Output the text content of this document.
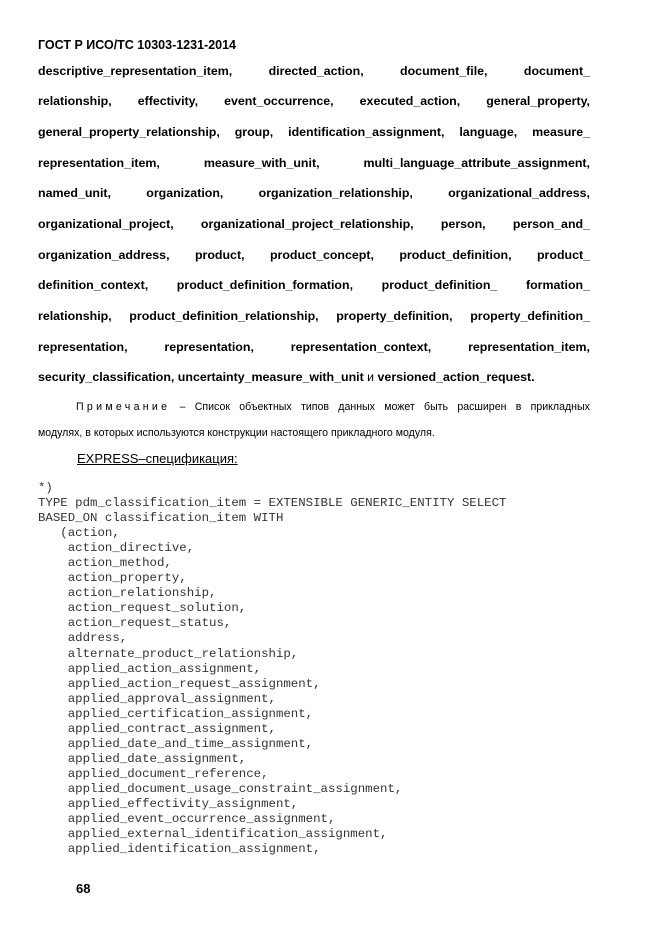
ГОСТ Р ИСО/ТС 10303-1231-2014
descriptive_representation_item,	directed_action,	document_file,	document_
relationship, effectivity, event_occurrence, executed_action, general_property,
general_property_relationship, group, identification_assignment, language, measure_
representation_item,	measure_with_unit,	multi_language_attribute_assignment,
named_unit,	organization,	organization_relationship,	organizational_address,
organizational_project, organizational_project_relationship, person, person_and_
organization_address, product, product_concept, product_definition, product_
definition_context, product_definition_formation, product_definition_ formation_
relationship, product_definition_relationship, property_definition, property_definition_
representation,	representation,	representation_context,	representation_item,
security_classification, uncertainty_measure_with_unit и versioned_action_request.
Примечание – Список объектных типов данных может быть расширен в прикладных
модулях, в которых используются конструкции настоящего прикладного модуля.
EXPRESS–спецификация:
*)
TYPE pdm_classification_item = EXTENSIBLE GENERIC_ENTITY SELECT
BASED_ON classification_item WITH
(action,
action_directive,
action_method,
action_property,
action_relationship,
action_request_solution,
action_request_status,
address,
alternate_product_relationship,
applied_action_assignment,
applied_action_request_assignment,
applied_approval_assignment,
applied_certification_assignment,
applied_contract_assignment,
applied_date_and_time_assignment,
applied_date_assignment,
applied_document_reference,
applied_document_usage_constraint_assignment,
applied_effectivity_assignment,
applied_event_occurrence_assignment,
applied_external_identification_assignment,
applied_identification_assignment,
68
